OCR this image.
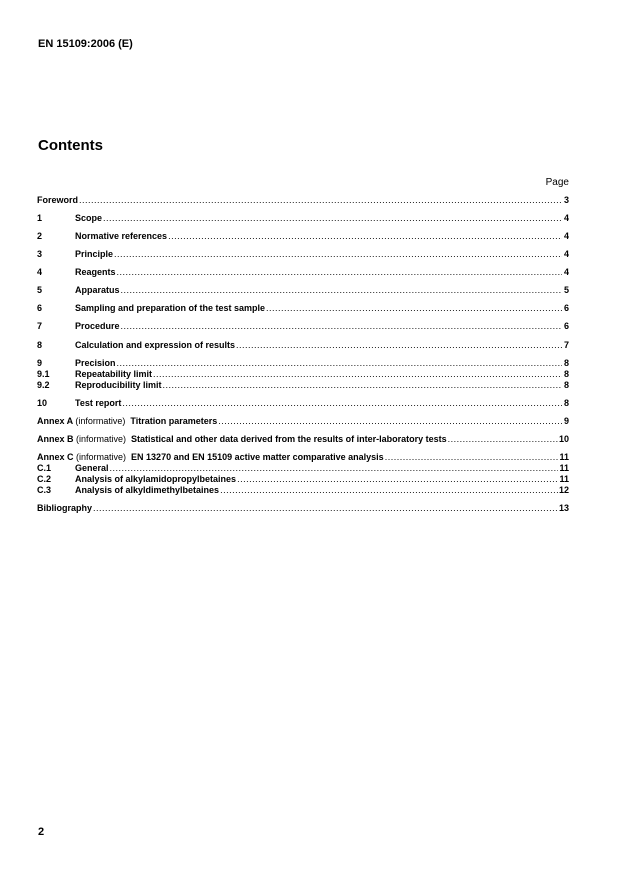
EN 15109:2006 (E)
Contents
Page
Foreword .....	3
1	Scope .....	4
2	Normative references .....	4
3	Principle .....	4
4	Reagents .....	4
5	Apparatus .....	5
6	Sampling and preparation of the test sample .....	6
7	Procedure .....	6
8	Calculation and expression of results .....	7
9	Precision .....	8
9.1	Repeatability limit .....	8
9.2	Reproducibility limit .....	8
10	Test report .....	8
Annex A (informative) Titration parameters .....	9
Annex B (informative) Statistical and other data derived from the results of inter-laboratory tests .....	10
Annex C (informative) EN 13270 and EN 15109 active matter comparative analysis .....	11
C.1	General .....	11
C.2	Analysis of alkylamidopropylbetaines .....	11
C.3	Analysis of alkyldimethylbetaines .....	12
Bibliography .....	13
2
